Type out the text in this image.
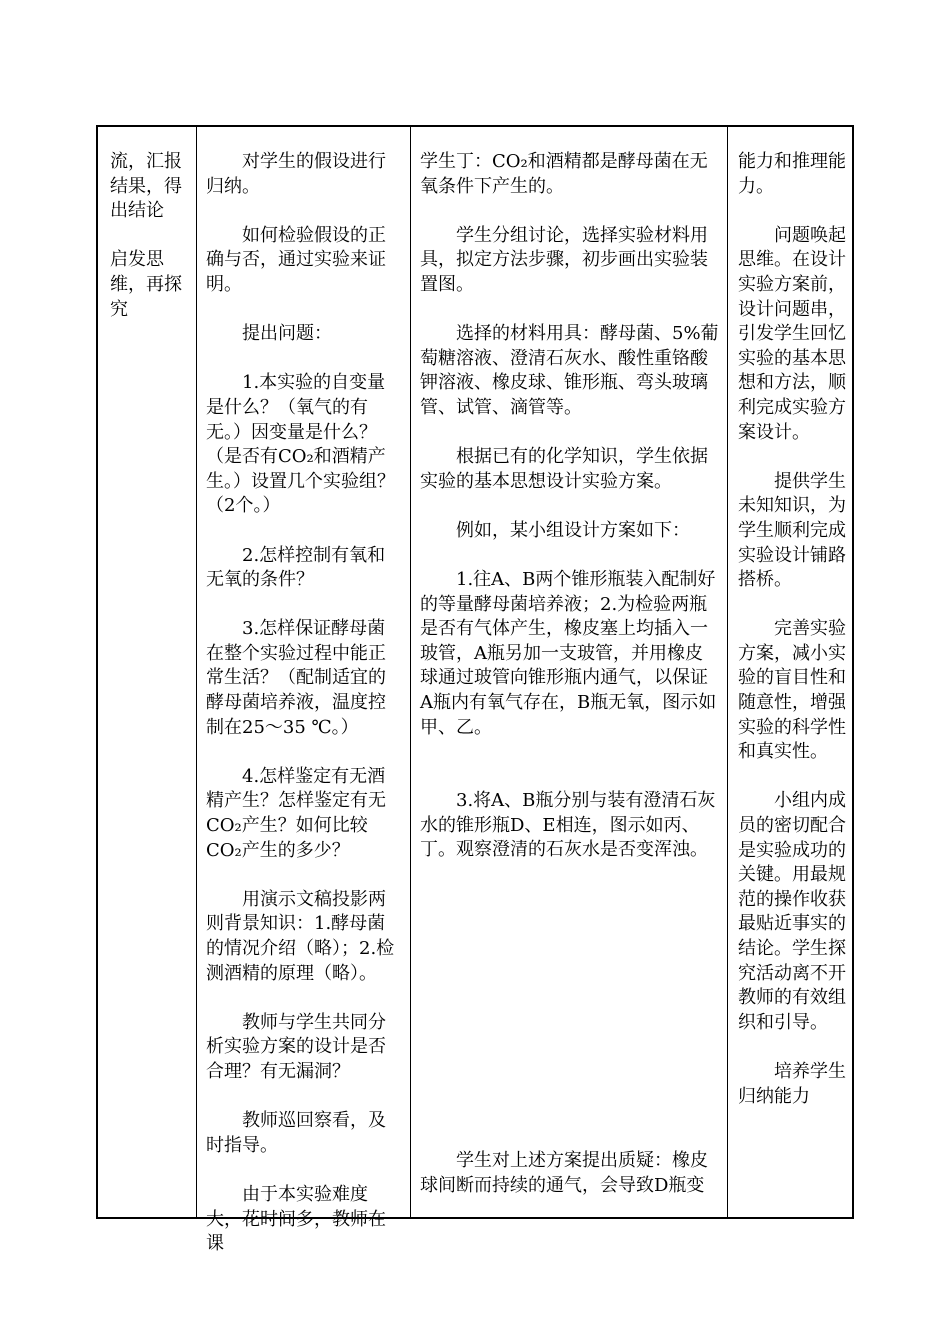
流，汇报结果，得出结论

启发思维，再探究

对学生的假设进行归纳。

如何检验假设的正确与否，通过实验来证明。

提出问题：

1.本实验的自变量是什么？（氧气的有无。）因变量是什么？（是否有CO₂和酒精产生。）设置几个实验组？（2个。）

2.怎样控制有氧和无氧的条件？

3.怎样保证酵母菌在整个实验过程中能正常生活？（配制适宜的酵母菌培养液，温度控制在25～35 ℃。）

4.怎样鉴定有无酒精产生？怎样鉴定有无CO₂产生？如何比较CO₂产生的多少？

用演示文稿投影两则背景知识：1.酵母菌的情况介绍（略）；2.检测酒精的原理（略）。

教师与学生共同分析实验方案的设计是否合理？有无漏洞？

教师巡回察看，及时指导。

由于本实验难度大，花时间多，教师在课

学生丁：CO₂和酒精都是酵母菌在无氧条件下产生的。

学生分组讨论，选择实验材料用具，拟定方法步骤，初步画出实验装置图。

选择的材料用具：酵母菌、5%葡萄糖溶液、澄清石灰水、酸性重铬酸钾溶液、橡皮球、锥形瓶、弯头玻璃管、试管、滴管等。

根据已有的化学知识，学生依据实验的基本思想设计实验方案。

例如，某小组设计方案如下：

1.往A、B两个锥形瓶装入配制好的等量酵母菌培养液；2.为检验两瓶是否有气体产生，橡皮塞上均插入一玻管，A瓶另加一支玻管，并用橡皮球通过玻管向锥形瓶内通气，以保证A瓶内有氧气存在，B瓶无氧，图示如甲、乙。

3.将A、B瓶分别与装有澄清石灰水的锥形瓶D、E相连，图示如丙、丁。观察澄清的石灰水是否变浑浊。

学生对上述方案提出质疑：橡皮球间断而持续的通气，会导致D瓶变

能力和推理能力。

问题唤起思维。在设计实验方案前，设计问题串，引发学生回忆实验的基本思想和方法，顺利完成实验方案设计。

提供学生未知知识，为学生顺利完成实验设计铺路搭桥。

完善实验方案，减小实验的盲目性和随意性，增强实验的科学性和真实性。

小组内成员的密切配合是实验成功的关键。用最规范的操作收获最贴近事实的结论。学生探究活动离不开教师的有效组织和引导。

培养学生归纳能力
